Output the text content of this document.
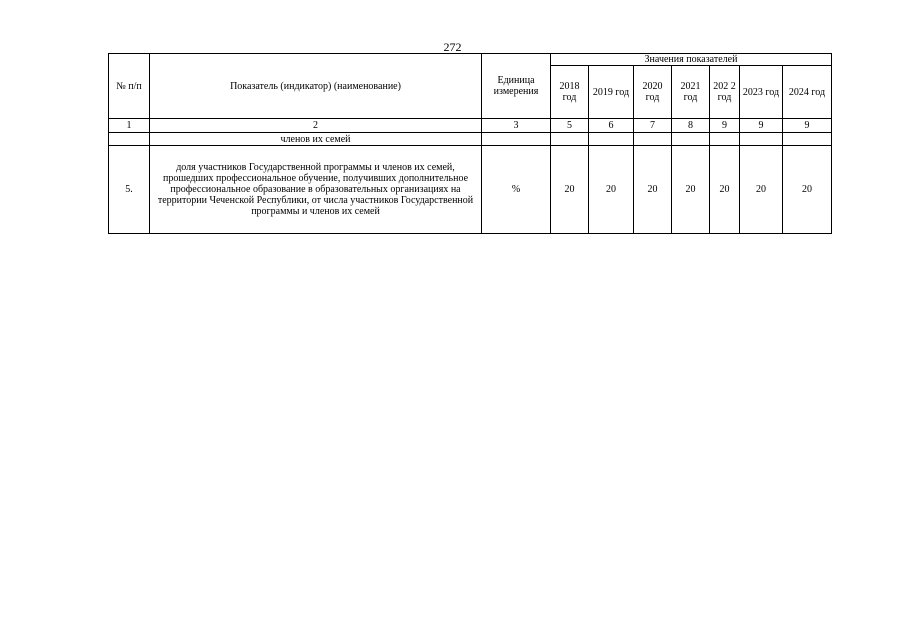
272
№ п/п	Показатель (индикатор) (наименование)	Единица измерения	Значения показателей						
			2018 год	2019 год	2020 год	2021 год	202 2 год	2023 год	2024 год
1	2	3	5	6	7	8	9	9	9
	членов их семей								
5.	доля участников Государственной программы и членов их семей, прошедших профессиональное обучение, получивших дополнительное профессиональное образование в образовательных организациях на территории Чеченской Республики, от числа участников Государственной программы и членов их семей	%	20	20	20	20	20	20	20
